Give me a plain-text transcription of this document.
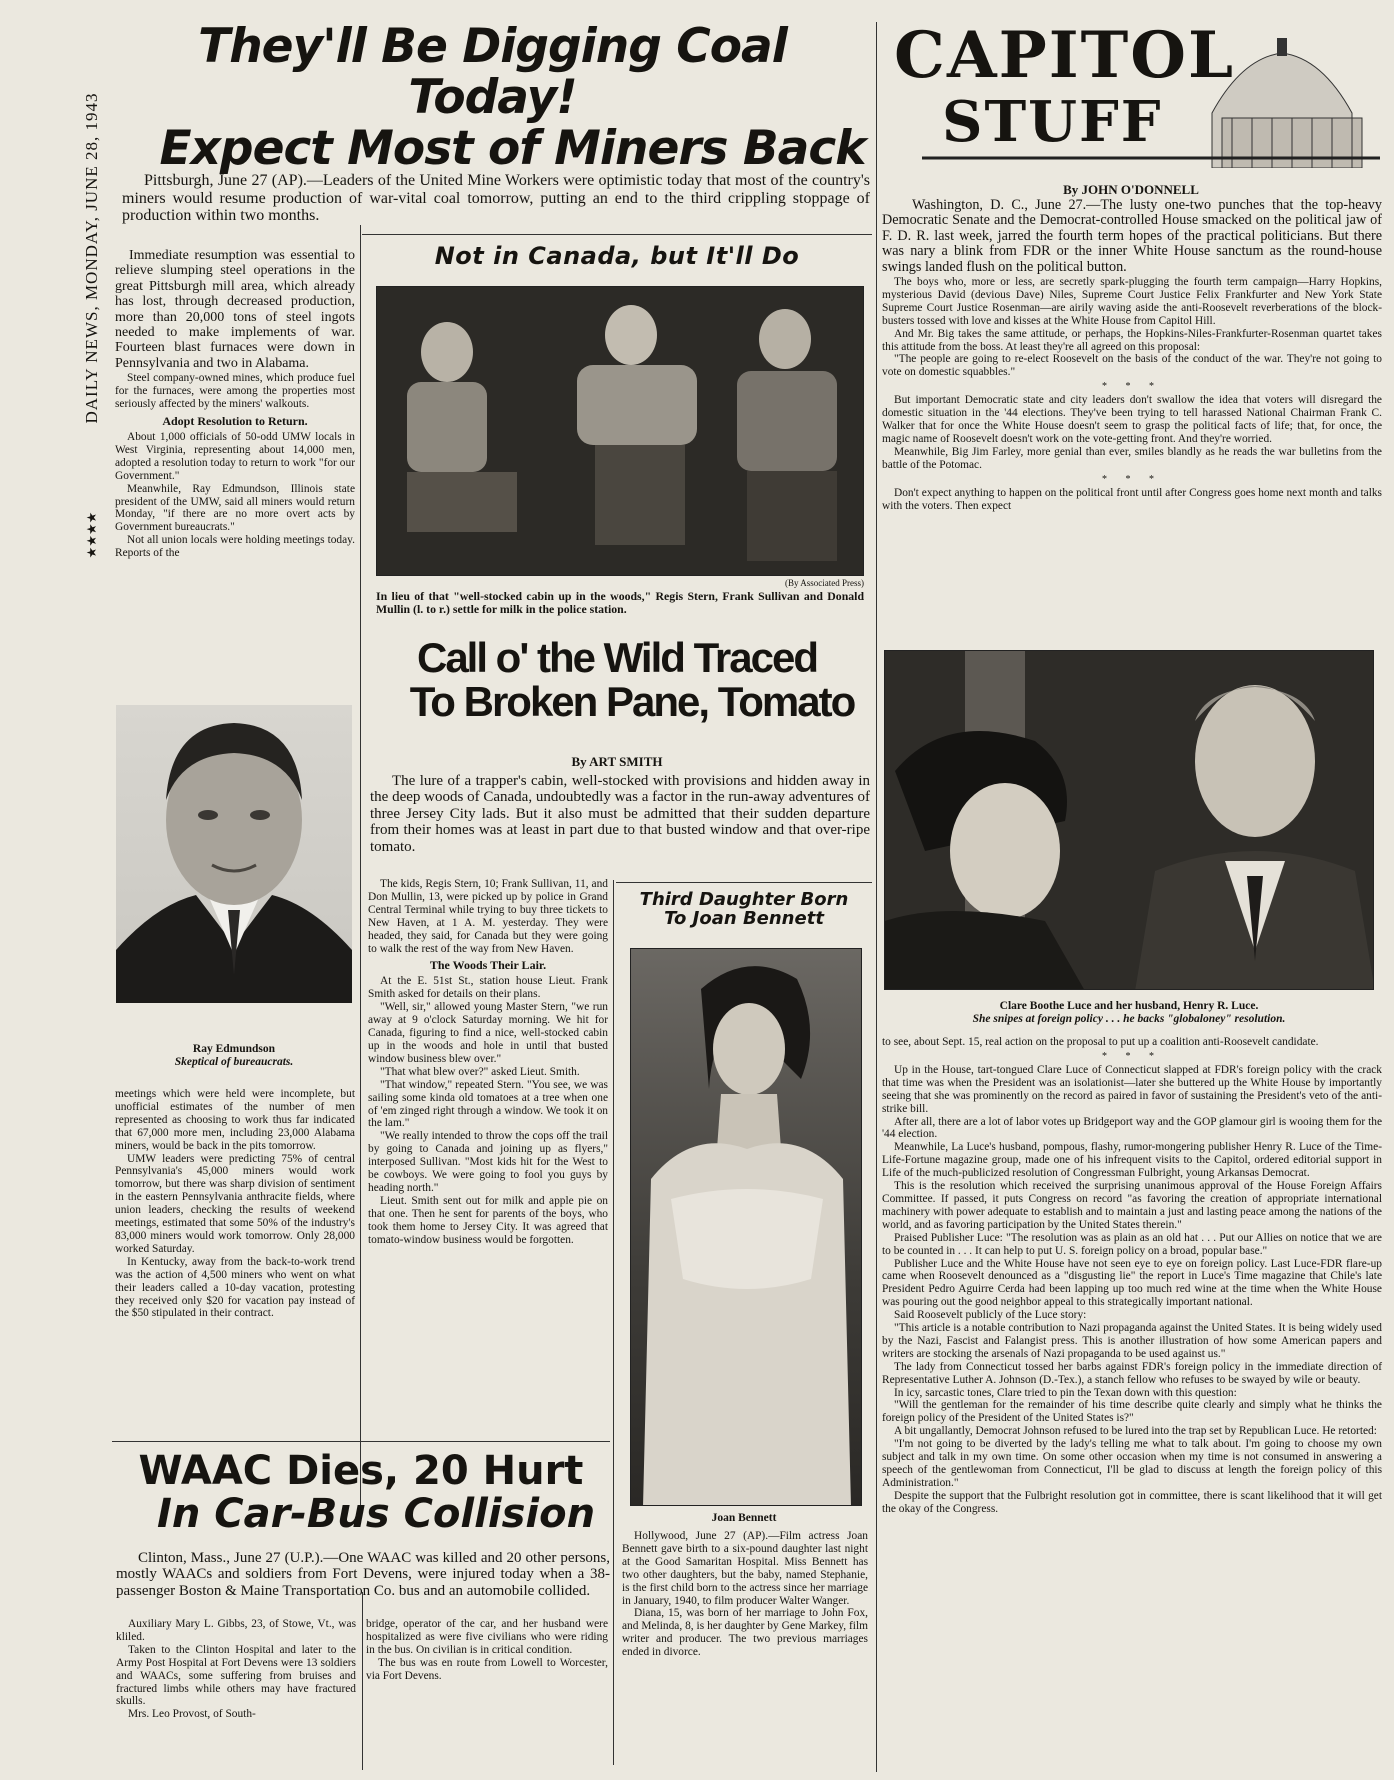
DAILY NEWS, MONDAY, JUNE 28, 1943
★★★★
They'll Be Digging Coal Today!
Expect Most of Miners Back

Pittsburgh, June 27 (AP).—Leaders of the United Mine Workers were optimistic today that most of the country's miners would resume production of war-vital coal tomorrow, putting an end to the third crippling stoppage of production within two months.

Immediate resumption was essential to relieve slumping steel operations in the great Pittsburgh mill area, which already has lost, through decreased production, more than 20,000 tons of steel ingots needed to make implements of war. Fourteen blast furnaces were down in Pennsylvania and two in Alabama.

Steel company-owned mines, which produce fuel for the furnaces, were among the properties most seriously affected by the miners' walkouts.

Adopt Resolution to Return.

About 1,000 officials of 50-odd UMW locals in West Virginia, representing about 14,000 men, adopted a resolution today to return to work "for our Government."

Meanwhile, Ray Edmundson, Illinois state president of the UMW, said all miners would return Monday, "if there are no more overt acts by Government bureaucrats."

Not all union locals were holding meetings today. Reports of the

Ray Edmundson
Skeptical of bureaucrats.

meetings which were held were incomplete, but unofficial estimates of the number of men represented as choosing to work thus far indicated that 67,000 more men, including 23,000 Alabama miners, would be back in the pits tomorrow.

UMW leaders were predicting 75% of central Pennsylvania's 45,000 miners would work tomorrow, but there was sharp division of sentiment in the eastern Pennsylvania anthracite fields, where union leaders, checking the results of weekend meetings, estimated that some 50% of the industry's 83,000 miners would work tomorrow. Only 28,000 worked Saturday.

In Kentucky, away from the back-to-work trend was the action of 4,500 miners who went on what their leaders called a 10-day vacation, protesting they received only $20 for vacation pay instead of the $50 stipulated in their contract.

Not in Canada, but It'll Do
(By Associated Press)
In lieu of that "well-stocked cabin up in the woods," Regis Stern, Frank Sullivan and Donald Mullin (l. to r.) settle for milk in the police station.
Call o' the Wild Traced
To Broken Pane, Tomato
By ART SMITH

The lure of a trapper's cabin, well-stocked with provisions and hidden away in the deep woods of Canada, undoubtedly was a factor in the run-away adventures of three Jersey City lads. But it also must be admitted that their sudden departure from their homes was at least in part due to that busted window and that over-ripe tomato.

The kids, Regis Stern, 10; Frank Sullivan, 11, and Don Mullin, 13, were picked up by police in Grand Central Terminal while trying to buy three tickets to New Haven, at 1 A. M. yesterday. They were headed, they said, for Canada but they were going to walk the rest of the way from New Haven.

The Woods Their Lair.

At the E. 51st St., station house Lieut. Frank Smith asked for details on their plans.

"Well, sir," allowed young Master Stern, "we run away at 9 o'clock Saturday morning. We hit for Canada, figuring to find a nice, well-stocked cabin up in the woods and hole in until that busted window business blew over."

"That what blew over?" asked Lieut. Smith.

"That window," repeated Stern. "You see, we was sailing some kinda old tomatoes at a tree when one of 'em zinged right through a window. We took it on the lam."

"We really intended to throw the cops off the trail by going to Canada and joining up as flyers," interposed Sullivan. "Most kids hit for the West to be cowboys. We were going to fool you guys by heading north."

Lieut. Smith sent out for milk and apple pie on that one. Then he sent for parents of the boys, who took them home to Jersey City. It was agreed that tomato-window business would be forgotten.

Third Daughter Born
To Joan Bennett
Joan Bennett

Hollywood, June 27 (AP).—Film actress Joan Bennett gave birth to a six-pound daughter last night at the Good Samaritan Hospital. Miss Bennett has two other daughters, but the baby, named Stephanie, is the first child born to the actress since her marriage in January, 1940, to film producer Walter Wanger.

Diana, 15, was born of her marriage to John Fox, and Melinda, 8, is her daughter by Gene Markey, film writer and producer. The two previous marriages ended in divorce.

WAAC Dies, 20 Hurt
In Car-Bus Collision

Clinton, Mass., June 27 (U.P.).—One WAAC was killed and 20 other persons, mostly WAACs and soldiers from Fort Devens, were injured today when a 38-passenger Boston & Maine Transportation Co. bus and an automobile collided.

Auxiliary Mary L. Gibbs, 23, of Stowe, Vt., was kliled.

Taken to the Clinton Hospital and later to the Army Post Hospital at Fort Devens were 13 soldiers and WAACs, some suffering from bruises and fractured limbs while others may have fractured skulls.

Mrs. Leo Provost, of South-

bridge, operator of the car, and her husband were hospitalized as were five civilians who were riding in the bus. On civilian is in critical condition.

The bus was en route from Lowell to Worcester, via Fort Devens.

CAPITOL
STUFF
By JOHN O'DONNELL

Washington, D. C., June 27.—The lusty one-two punches that the top-heavy Democratic Senate and the Democrat-controlled House smacked on the political jaw of F. D. R. last week, jarred the fourth term hopes of the practical politicians. But there was nary a blink from FDR or the inner White House sanctum as the round-house swings landed flush on the political button.

The boys who, more or less, are secretly spark-plugging the fourth term campaign—Harry Hopkins, mysterious David (devious Dave) Niles, Supreme Court Justice Felix Frankfurter and New York State Supreme Court Justice Rosenman—are airily waving aside the anti-Roosevelt reverberations of the block-busters tossed with love and kisses at the White House from Capitol Hill.

And Mr. Big takes the same attitude, or perhaps, the Hopkins-Niles-Frankfurter-Rosenman quartet takes this attitude from the boss. At least they're all agreed on this proposal:

"The people are going to re-elect Roosevelt on the basis of the conduct of the war. They're not going to vote on domestic squabbles."

* * *

But important Democratic state and city leaders don't swallow the idea that voters will disregard the domestic situation in the '44 elections. They've been trying to tell harassed National Chairman Frank C. Walker that for once the White House doesn't seem to grasp the political facts of life; that, for once, the magic name of Roosevelt doesn't work on the vote-getting front. And they're worried.

Meanwhile, Big Jim Farley, more genial than ever, smiles blandly as he reads the war bulletins from the battle of the Potomac.

* * *

Don't expect anything to happen on the political front until after Congress goes home next month and talks with the voters. Then expect

Clare Boothe Luce and her husband, Henry R. Luce.
She snipes at foreign policy . . . he backs "globaloney" resolution.

to see, about Sept. 15, real action on the proposal to put up a coalition anti-Roosevelt candidate.

* * *

Up in the House, tart-tongued Clare Luce of Connecticut slapped at FDR's foreign policy with the crack that time was when the President was an isolationist—later she buttered up the White House by importantly seeing that she was prominently on the record as paired in favor of sustaining the President's veto of the anti-strike bill.

After all, there are a lot of labor votes up Bridgeport way and the GOP glamour girl is wooing them for the '44 election.

Meanwhile, La Luce's husband, pompous, flashy, rumor-mongering publisher Henry R. Luce of the Time-Life-Fortune magazine group, made one of his infrequent visits to the Capitol, ordered editorial support in Life of the much-publicized resolution of Congressman Fulbright, young Arkansas Democrat.

This is the resolution which received the surprising unanimous approval of the House Foreign Affairs Committee. If passed, it puts Congress on record "as favoring the creation of appropriate international machinery with power adequate to establish and to maintain a just and lasting peace among the nations of the world, and as favoring participation by the United States therein."

Praised Publisher Luce: "The resolution was as plain as an old hat . . . Put our Allies on notice that we are to be counted in . . . It can help to put U. S. foreign policy on a broad, popular base."

Publisher Luce and the White House have not seen eye to eye on foreign policy. Last Luce-FDR flare-up came when Roosevelt denounced as a "disgusting lie" the report in Luce's Time magazine that Chile's late President Pedro Aguirre Cerda had been lapping up too much red wine at the time when the White House was pouring out the good neighbor appeal to this strategically important national.

Said Roosevelt publicly of the Luce story:

"This article is a notable contribution to Nazi propaganda against the United States. It is being widely used by the Nazi, Fascist and Falangist press. This is another illustration of how some American papers and writers are stocking the arsenals of Nazi propaganda to be used against us."

The lady from Connecticut tossed her barbs against FDR's foreign policy in the immediate direction of Representative Luther A. Johnson (D.-Tex.), a stanch fellow who refuses to be swayed by wile or beauty.

In icy, sarcastic tones, Clare tried to pin the Texan down with this question:

"Will the gentleman for the remainder of his time describe quite clearly and simply what he thinks the foreign policy of the President of the United States is?"

A bit ungallantly, Democrat Johnson refused to be lured into the trap set by Republican Luce. He retorted:

"I'm not going to be diverted by the lady's telling me what to talk about. I'm going to choose my own subject and talk in my own time. On some other occasion when my time is not consumed in answering a speech of the gentlewoman from Connecticut, I'll be glad to discuss at length the foreign policy of this Administration."

Despite the support that the Fulbright resolution got in committee, there is scant likelihood that it will get the okay of the Congress.
